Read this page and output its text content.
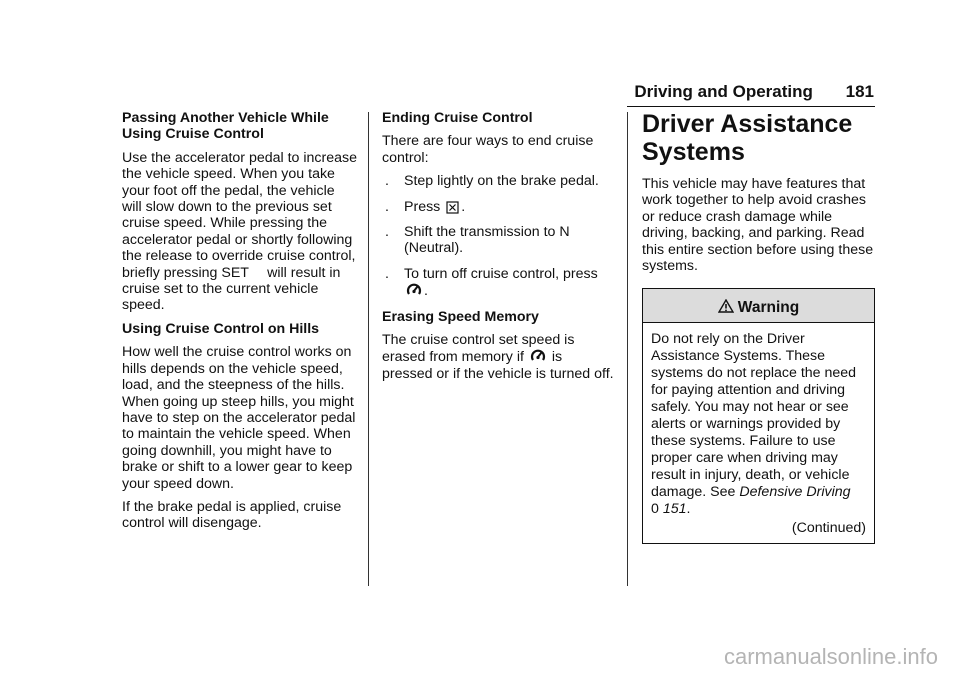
Driving and Operating 181
Passing Another Vehicle While Using Cruise Control

Use the accelerator pedal to increase the vehicle speed. When you take your foot off the pedal, the vehicle will slow down to the previous set cruise speed. While pressing the accelerator pedal or shortly following the release to override cruise control, briefly pressing SET  will result in cruise set to the current vehicle speed.

Using Cruise Control on Hills

How well the cruise control works on hills depends on the vehicle speed, load, and the steepness of the hills. When going up steep hills, you might have to step on the accelerator pedal to maintain the vehicle speed. When going downhill, you might have to brake or shift to a lower gear to keep your speed down.

If the brake pedal is applied, cruise control will disengage.

Ending Cruise Control

There are four ways to end cruise control:

. Step lightly on the brake pedal.
. Press .
. Shift the transmission to N (Neutral).
. To turn off cruise control, press .
Erasing Speed Memory

The cruise control set speed is erased from memory if is pressed or if the vehicle is turned off.

Driver Assistance Systems

This vehicle may have features that work together to help avoid crashes or reduce crash damage while driving, backing, and parking. Read this entire section before using these systems.

Warning
Do not rely on the Driver Assistance Systems. These systems do not replace the need for paying attention and driving safely. You may not hear or see alerts or warnings provided by these systems. Failure to use proper care when driving may result in injury, death, or vehicle damage. See Defensive Driving
0 151.
(Continued)
carmanualsonline.info
